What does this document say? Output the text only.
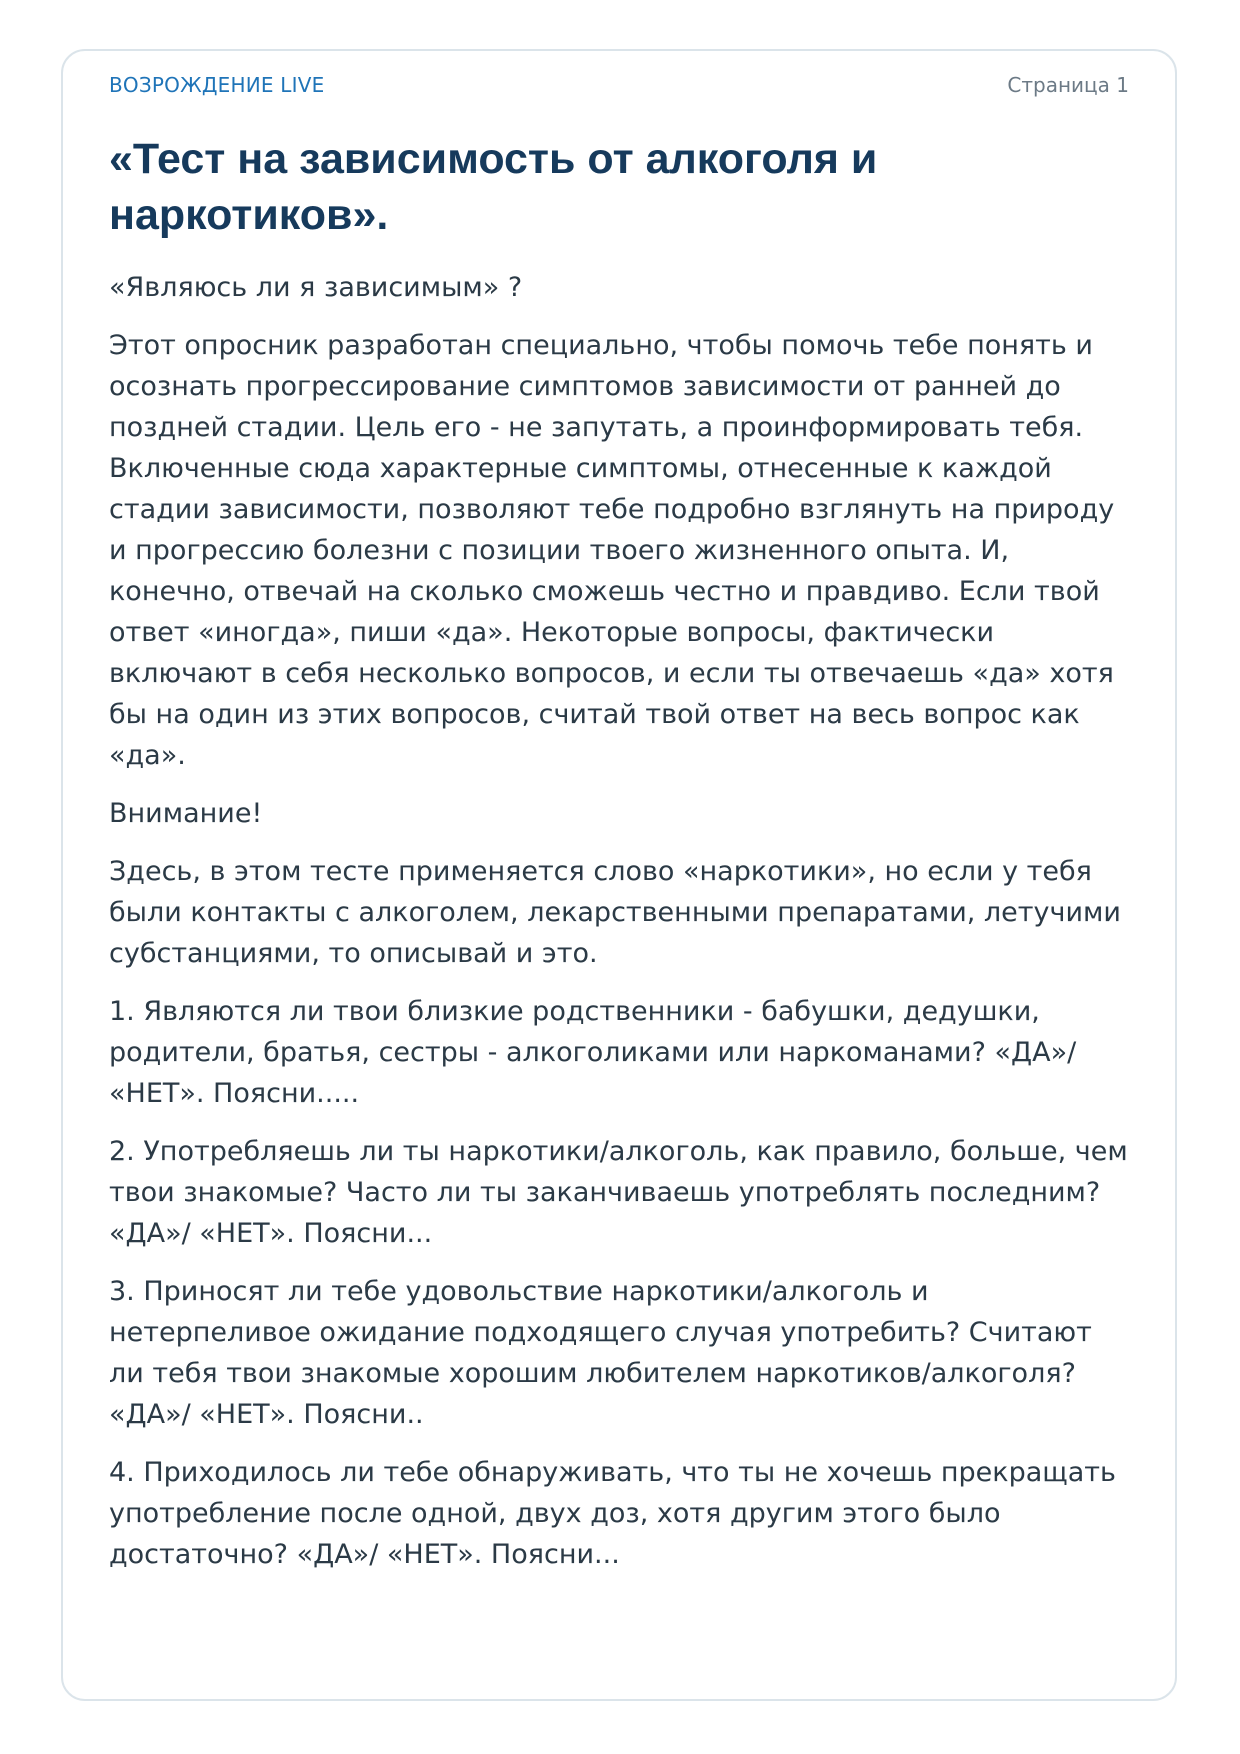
ВОЗРОЖДЕНИЕ LIVE	Страница 1
«Тест на зависимость от алкоголя и наркотиков».

«Являюсь ли я зависимым» ?

Этот опросник разработан специально, чтобы помочь тебе понять и осознать прогрессирование симптомов зависимости от ранней до поздней стадии. Цель его - не запутать, а проинформировать тебя. Включенные сюда характерные симптомы, отнесенные к каждой стадии зависимости, позволяют тебе подробно взглянуть на природу и прогрессию болезни с позиции твоего жизненного опыта. И, конечно, отвечай на сколько сможешь честно и правдиво. Если твой ответ «иногда», пиши «да». Некоторые вопросы, фактически включают в себя несколько вопросов, и если ты отвечаешь «да» хотя бы на один из этих вопросов, считай твой ответ на весь вопрос как «да».

Внимание!

Здесь, в этом тесте применяется слово «наркотики», но если у тебя были контакты с алкоголем, лекарственными препаратами, летучими субстанциями, то описывай и это.

1. Являются ли твои близкие родственники - бабушки, дедушки, родители, братья, сестры - алкоголиками или наркоманами? «ДА»/ «НЕТ». Поясни.....

2. Употребляешь ли ты наркотики/алкоголь, как правило, больше, чем твои знакомые? Часто ли ты заканчиваешь употреблять последним? «ДА»/ «НЕТ». Поясни...

3. Приносят ли тебе удовольствие наркотики/алкоголь и нетерпеливое ожидание подходящего случая употребить? Считают ли тебя твои знакомые хорошим любителем наркотиков/алкоголя? «ДА»/ «НЕТ». Поясни..

4. Приходилось ли тебе обнаруживать, что ты не хочешь прекращать употребление после одной, двух доз, хотя другим этого было достаточно? «ДА»/ «НЕТ». Поясни...
